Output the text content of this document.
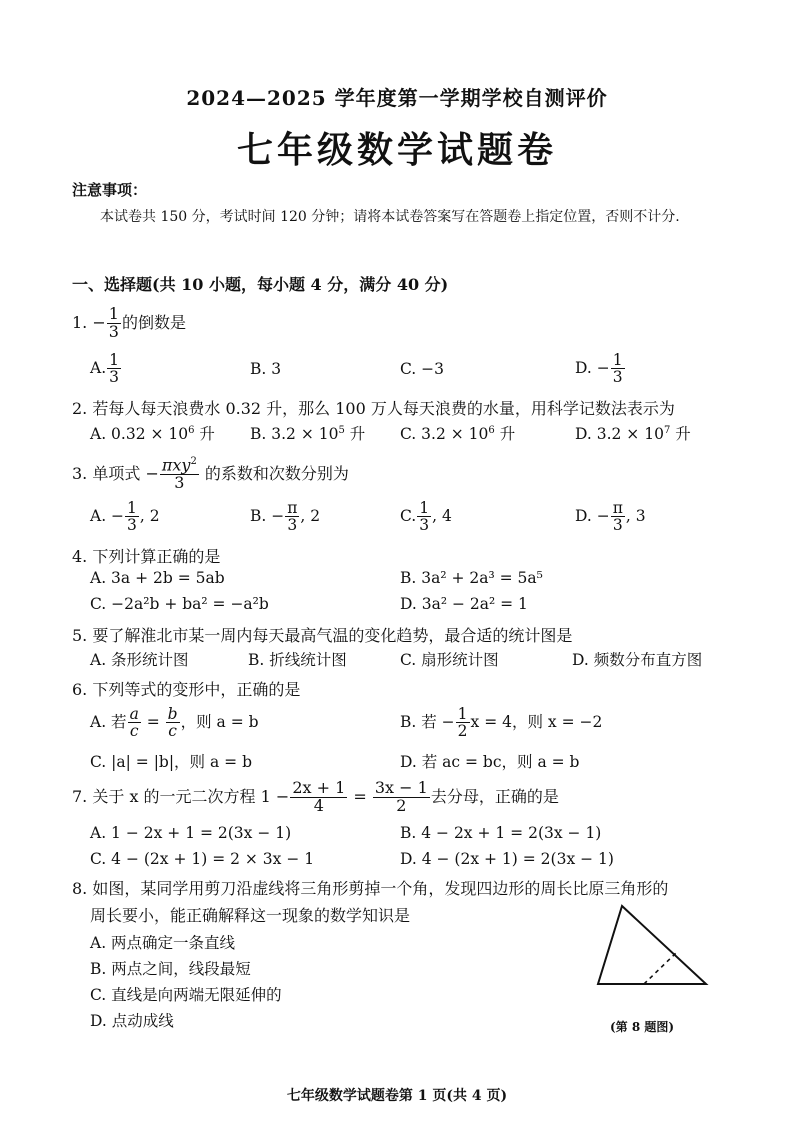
2024—2025 学年度第一学期学校自测评价
七年级数学试题卷
注意事项：
本试卷共 150 分，考试时间 120 分钟；请将本试卷答案写在答题卷上指定位置，否则不计分.
一、选择题(共 10 小题，每小题 4 分，满分 40 分)
1. − $\frac{1}{3}$ 的倒数是
A. $\frac{1}{3}$	B. 3	C. −3	D. − $\frac{1}{3}$
2. 若每人每天浪费水 0.32 升，那么 100 万人每天浪费的水量，用科学记数法表示为
A. $0.32 \times 10^6$ 升 B. $3.2 \times 10^5$ 升 C. $3.2 \times 10^6$ 升	D. $3.2 \times 10^7$ 升
3. 单项式 − $\frac{\pi xy^2}{3}$ 的系数和次数分别为
A. − $\frac{1}{3}$ , 2	B. − $\frac{\pi}{3}$ , 2	C. $\frac{1}{3}$ , 4	D. − $\frac{\pi}{3}$ , 3
4. 下列计算正确的是
A. 3a + 2b = 5ab	B. 3a² + 2a³ = 5a⁵
C. −2a²b + ba² = −a²b	D. 3a² − 2a² = 1
5. 要了解淮北市某一周内每天最高气温的变化趋势，最合适的统计图是
A. 条形统计图	B. 折线统计图	C. 扇形统计图	D. 频数分布直方图
6. 下列等式的变形中，正确的是
A. 若 $\frac{a}{c} = \frac{b}{c}$ ，则 a = b	B. 若 − $\frac{1}{2}$ x = 4，则 x = −2
C. |a| = |b|，则 a = b	D. 若 ac = bc，则 a = b
7. 关于 x 的一元二次方程 $1 - \frac{2x + 1}{4} = \frac{3x - 1}{2}$ 去分母，正确的是
A. 1 − 2x + 1 = 2(3x − 1)	B. 4 − 2x + 1 = 2(3x − 1)
C. 4 − (2x + 1) = 2 × 3x − 1	D. 4 − (2x + 1) = 2(3x − 1)
8. 如图，某同学用剪刀沿虚线将三角形剪掉一个角，发现四边形的周长比原三角形的
周长要小，能正确解释这一现象的数学知识是
A. 两点确定一条直线
B. 两点之间，线段最短
C. 直线是向两端无限延伸的
D. 点动成线	(第 8 题图)
七年级数学试题卷第 1 页(共 4 页)
